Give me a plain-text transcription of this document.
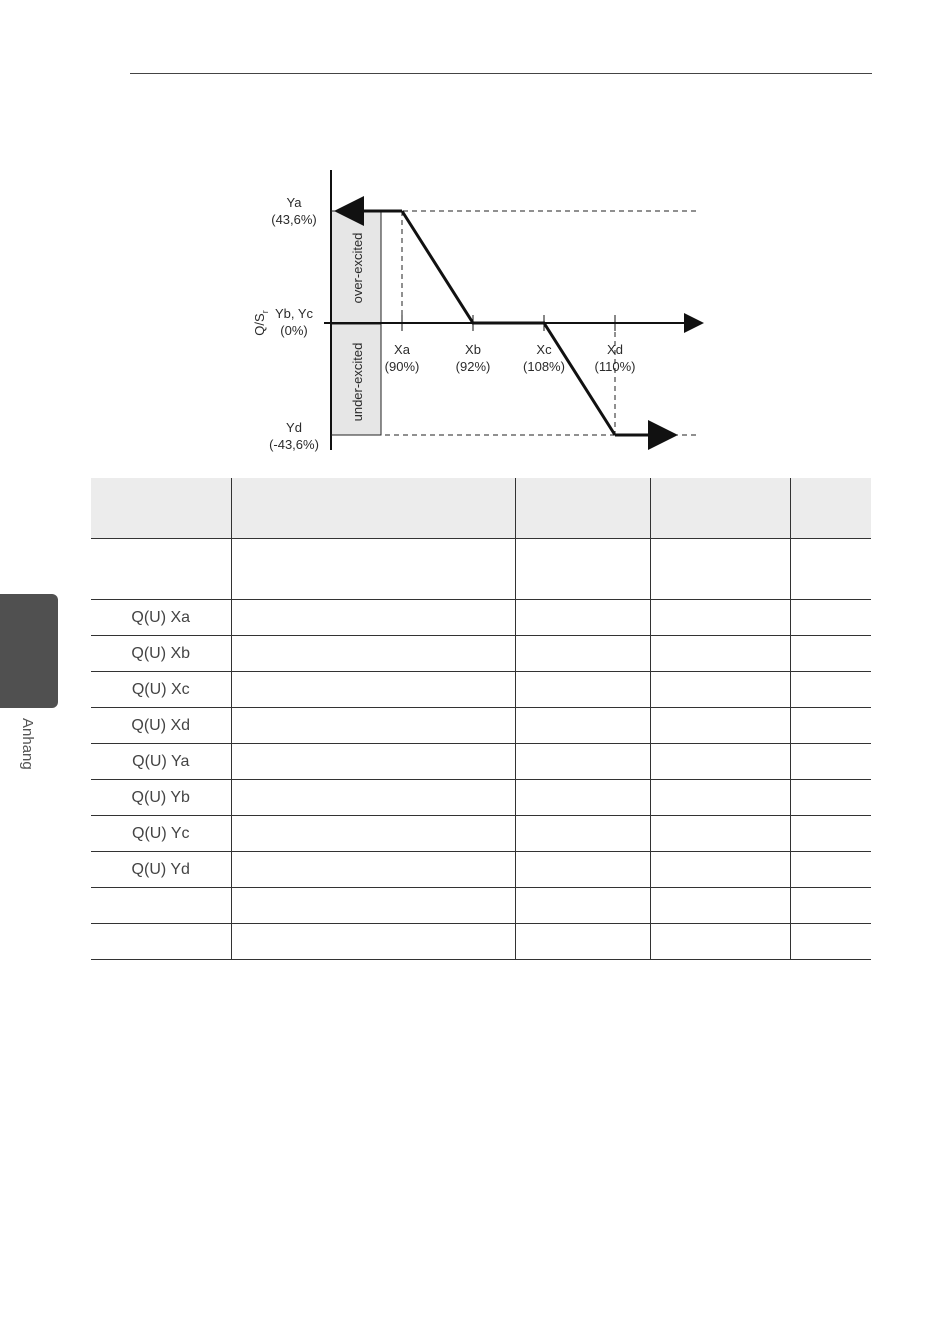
Anhang
over-excited
under-excited
Ya
(43,6%)
Yb, Yc
(0%)
Yd
(-43,6%)
$Q/S_r$
Xa
(90%)
Xb
(92%)
Xc
(108%)
Xd
(110%)

Q(U) Xa				
Q(U) Xb				
Q(U) Xc				
Q(U) Xd				
Q(U) Ya				
Q(U) Yb				
Q(U) Yc				
Q(U) Yd				
